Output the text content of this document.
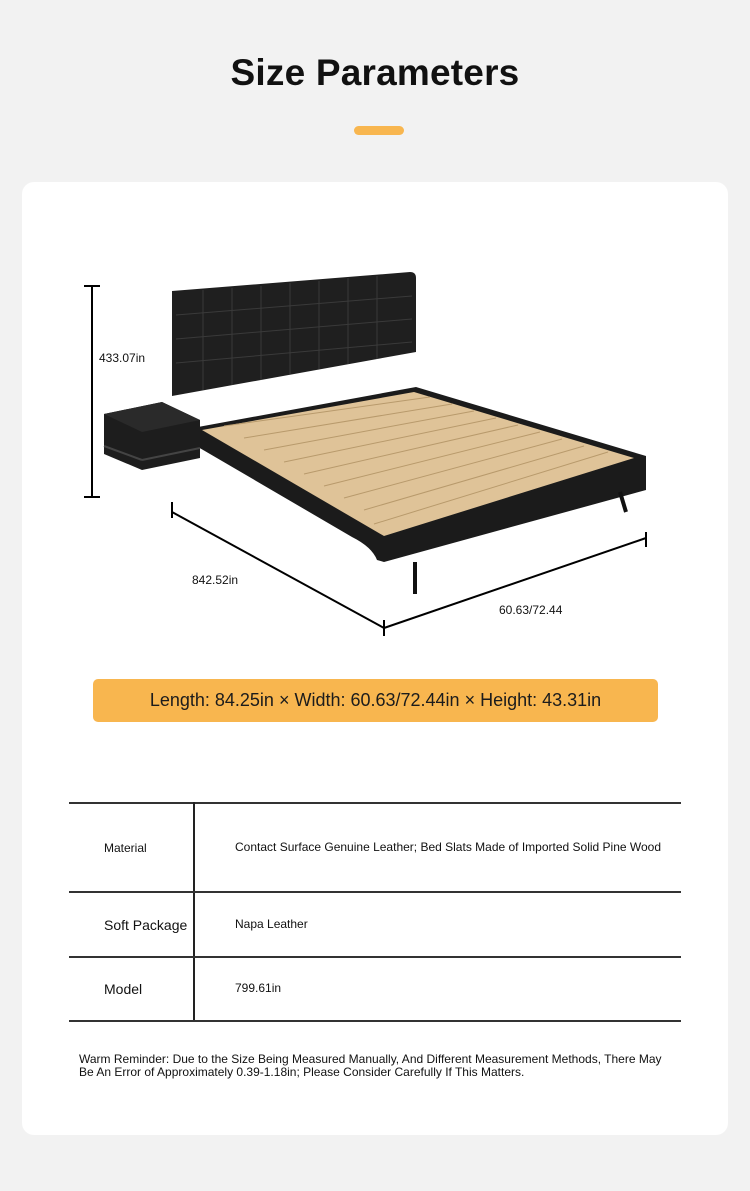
Size Parameters
433.07in
842.52in
60.63/72.44
Length: 84.25in × Width: 60.63/72.44in × Height: 43.31in
Material	Contact Surface Genuine Leather; Bed Slats Made of Imported Solid Pine Wood
Soft Package	Napa Leather
Model	799.61in
Warm Reminder: Due to the Size Being Measured Manually, And Different Measurement Methods, There May Be An Error of Approximately 0.39-1.18in; Please Consider Carefully If This Matters.
